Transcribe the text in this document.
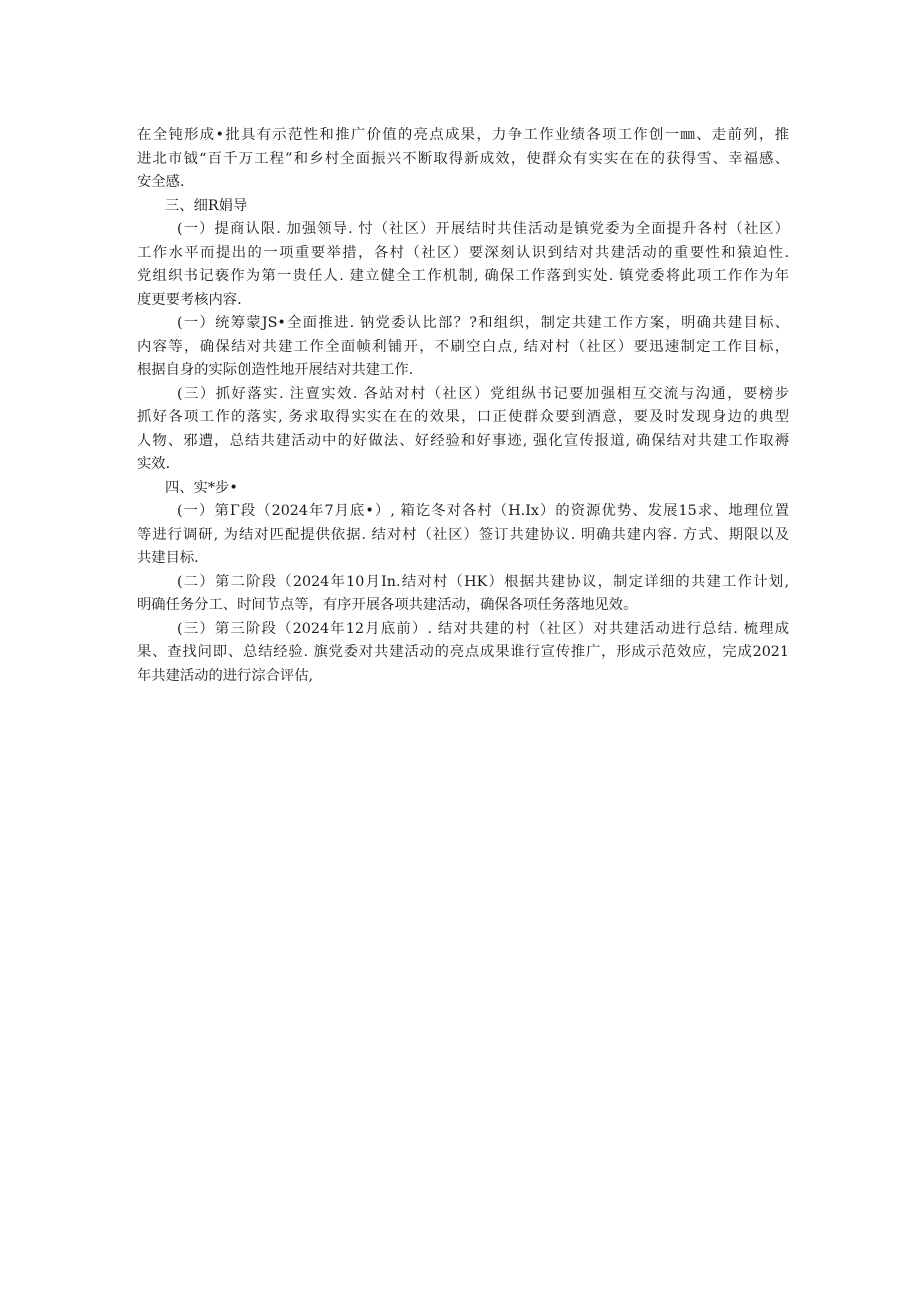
在全钝形成•批具有示范性和推广价值的亮点成果，力争工作业绩各项工作创一㎜、走前列，推
进北市钺“百千万工程”和乡村全面振兴不断取得新成效，使群众有实实在在的获得雪、幸福感、
安全感.
三、细R娟导
(一）提商认限. 加强领导. 忖（社区）开展结时共佳活动是镇党委为全面提升各村（社区）
工作水平而提出的一项重要举措，各村（社区）要深刻认识到结对共建活动的重要性和猿迫性.
党组织书记亵作为第一贵任人. 建立健全工作机制, 确保工作落到实处. 镇党委将此项工作作为年
度更要考核内容.
(一）统筹蒙JS•全面推进. 钠党委认比部？?和组织，制定共建工作方案，明确共建目标、
内容等，确保结对共建工作全面帧利铺开，不刷空白点, 结对村（社区）要迅速制定工作目标，
根据自身的实际创造性地开展结对共建工作.
(三）抓好落实. 注亶实效. 各站对村（社区）党组纵书记要加强相互交流与沟通，要榜步
抓好各项工作的落实, 务求取得实实在在的效果，口正使群众要到酒意，要及时发现身边的典型
人物、邪遭，总结共建活动中的好做法、好经验和好事迹, 强化宣传报道, 确保结对共建工作取褥
实效.
四、实*步•
(一）第Γ段（2024年7月底•）, 箱讫冬对各村（H.Ix）的资源优势、发展15求、地理位置
等进行调研, 为结对匹配提供依据. 结对村（社区）签订共建协议. 明确共建内容. 方式、期限以及
共建目标.
(二）第二阶段（2024年10月In.结对村（HK）根据共建协议，制定详细的共建工作计划,
明确任务分工、时间节点等，有序开展各项共建活动，确保各项任务落地见效。
(三）第三阶段（2024年12月底前）. 结对共建的村（社区）对共建活动进行总结. 梳理成
果、查找问即、总结经验. 旗党委对共建活动的亮点成果谁行宣传推广，形成示范效应，完成2021
年共建活动的进行淙合评估,
